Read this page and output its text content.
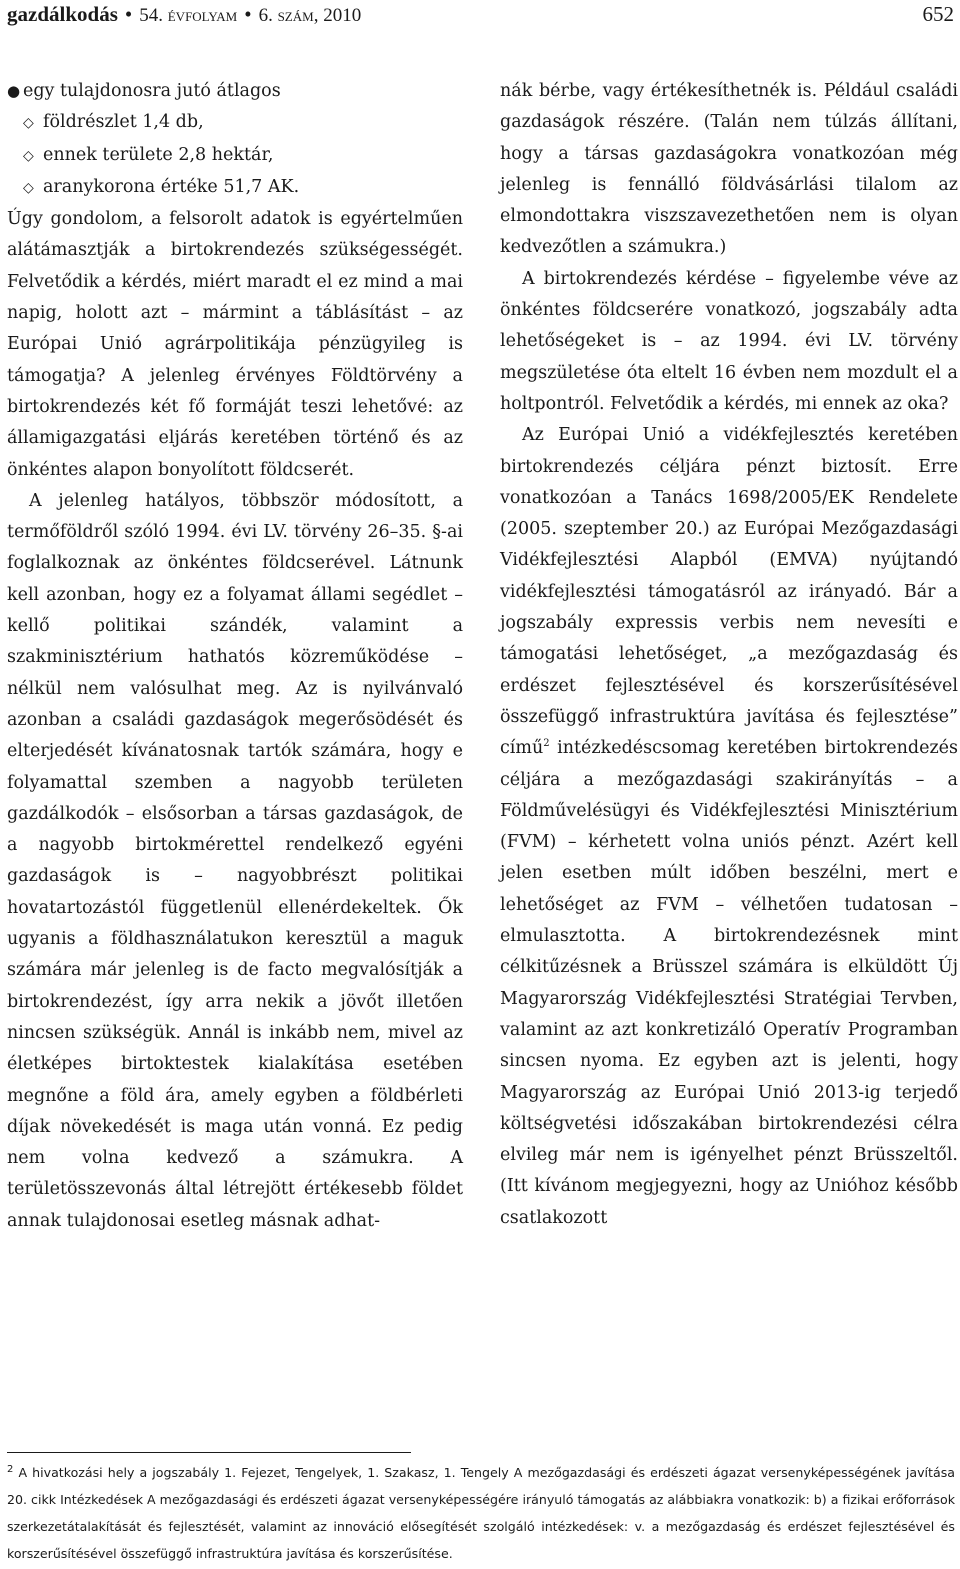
gazdálkodás • 54. évfolyam • 6. szám, 2010	652
● egy tulajdonosra jutó átlagos
◇ földrészlet 1,4 db,
◇ ennek területe 2,8 hektár,
◇ aranykorona értéke 51,7 AK.

Úgy gondolom, a felsorolt adatok is egyértelműen alátámasztják a birtokrendezés szükségességét. Felvetődik a kérdés, miért maradt el ez mind a mai napig, holott azt – mármint a táblásítást – az Európai Unió agrárpolitikája pénzügyileg is támogatja? A jelenleg érvényes Földtörvény a birtokrendezés két fő formáját teszi lehetővé: az államigazgatási eljárás keretében történő és az önkéntes alapon bonyolított földcserét.

A jelenleg hatályos, többször módosított, a termőföldről szóló 1994. évi LV. törvény 26–35. §-ai foglalkoznak az önkéntes földcserével. Látnunk kell azonban, hogy ez a folyamat állami segédlet – kellő politikai szándék, valamint a szakminisztérium hathatós közreműködése – nélkül nem valósulhat meg. Az is nyilvánvaló azonban a családi gazdaságok megerősödését és elterjedését kívánatosnak tartók számára, hogy e folyamattal szemben a nagyobb területen gazdálkodók – elsősorban a társas gazdaságok, de a nagyobb birtokmérettel rendelkező egyéni gazdaságok is – nagyobbrészt politikai hovatartozástól függetlenül ellenérdekeltek. Ők ugyanis a földhasználatukon keresztül a maguk számára már jelenleg is de facto megvalósítják a birtokrendezést, így arra nekik a jövőt illetően nincsen szükségük. Annál is inkább nem, mivel az életképes birtoktestek kialakítása esetében megnőne a föld ára, amely egyben a földbérleti díjak növekedését is maga után vonná. Ez pedig nem volna kedvező a számukra. A területösszevonás által létrejött értékesebb földet annak tulajdonosai esetleg másnak adhat-

nák bérbe, vagy értékesíthetnék is. Például családi gazdaságok részére. (Talán nem túlzás állítani, hogy a társas gazdaságokra vonatkozóan még jelenleg is fennálló földvásárlási tilalom az elmondottakra viszszavezethetően nem is olyan kedvezőtlen a számukra.)

A birtokrendezés kérdése – figyelembe véve az önkéntes földcserére vonatkozó, jogszabály adta lehetőségeket is – az 1994. évi LV. törvény megszületése óta eltelt 16 évben nem mozdult el a holtpontról. Felvetődik a kérdés, mi ennek az oka?

Az Európai Unió a vidékfejlesztés keretében birtokrendezés céljára pénzt biztosít. Erre vonatkozóan a Tanács 1698/2005/EK Rendelete (2005. szeptember 20.) az Európai Mezőgazdasági Vidékfejlesztési Alapból (EMVA) nyújtandó vidékfejlesztési támogatásról az irányadó. Bár a jogszabály expressis verbis nem nevesíti e támogatási lehetőséget, „a mezőgazdaság és erdészet fejlesztésével és korszerűsítésével összefüggő infrastruktúra javítása és fejlesztése” című$^2$ intézkedéscsomag keretében birtokrendezés céljára a mezőgazdasági szakirányítás – a Földművelésügyi és Vidékfejlesztési Minisztérium (FVM) – kérhetett volna uniós pénzt. Azért kell jelen esetben múlt időben beszélni, mert e lehetőséget az FVM – vélhetően tudatosan – elmulasztotta. A birtokrendezésnek mint célkitűzésnek a Brüsszel számára is elküldött Új Magyarország Vidékfejlesztési Stratégiai Tervben, valamint az azt konkretizáló Operatív Programban sincsen nyoma. Ez egyben azt is jelenti, hogy Magyarország az Európai Unió 2013-ig terjedő költségvetési időszakában birtokrendezési célra elvileg már nem is igényelhet pénzt Brüsszeltől. (Itt kívánom megjegyezni, hogy az Unióhoz később csatlakozott

$^2$ A hivatkozási hely a jogszabály 1. Fejezet, Tengelyek, 1. Szakasz, 1. Tengely A mezőgazdasági és erdészeti ágazat versenyképességének javítása 20. cikk Intézkedések A mezőgazdasági és erdészeti ágazat versenyképességére irányuló támogatás az alábbiakra vonatkozik: b) a fizikai erőforrások szerkezetátalakítását és fejlesztését, valamint az innováció elősegítését szolgáló intézkedések: v. a mezőgazdaság és erdészet fejlesztésével és korszerűsítésével összefüggő infrastruktúra javítása és korszerűsítése.
